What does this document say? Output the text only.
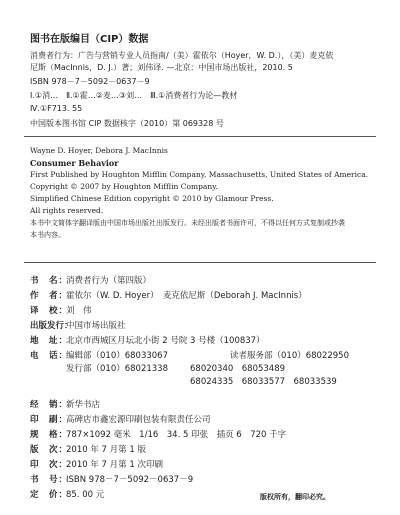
图书在版编目（CIP）数据
消费者行为：广告与营销专业人员指南/（美）霍依尔（Hoyer，W. D.），（美）麦克依
尼斯（MacInnis，D. J.）著；刘伟译. —北京：中国市场出版社，2010. 5
ISBN 978－7－5092－0637－9
Ⅰ.①消…　Ⅱ.①霍…②麦…③刘…　Ⅲ.①消费者行为论—教材
Ⅳ.①F713. 55
中国版本图书馆 CIP 数据核字（2010）第 069328 号
Wayne D. Hoyer, Debora J. MacInnis
Consumer Behavior
First Published by Houghton Mifflin Company, Massachusetts, United States of America.
Copyright © 2007 by Houghton Mifflin Company.
Simplified Chinese Edition copyright © 2010 by Glamour Press.
All rights reserved.
本书中文简体字翻译版由中国市场出版社出版发行。未经出版者书面许可，不得以任何方式复制或抄袭
本书内容。
书　名：消费者行为（第四版）
作　者：霍依尔（W. D. Hoyer）　麦克依尼斯（Deborah J. MacInnis）
译　校：刘　伟
出版发行：中国市场出版社
地　址：北京市西城区月坛北小街 2 号院 3 号楼（100837）
电　话：
编辑部（010）68033067	读者服务部（010）68022950
发行部（010）68021338	68020340　68053489
68024335　68033577　68033539
经　销：新华书店
印　刷：高碑店市鑫宏源印刷包装有限责任公司
规　格：787×1092 毫米　1/16　34. 5 印张　插页 6　720 千字
版　次：2010 年 7 月第 1 版
印　次：2010 年 7 月第 1 次印刷
书　号：ISBN 978－7－5092－0637－9
定　价：85. 00 元	版权所有，翻印必究。
